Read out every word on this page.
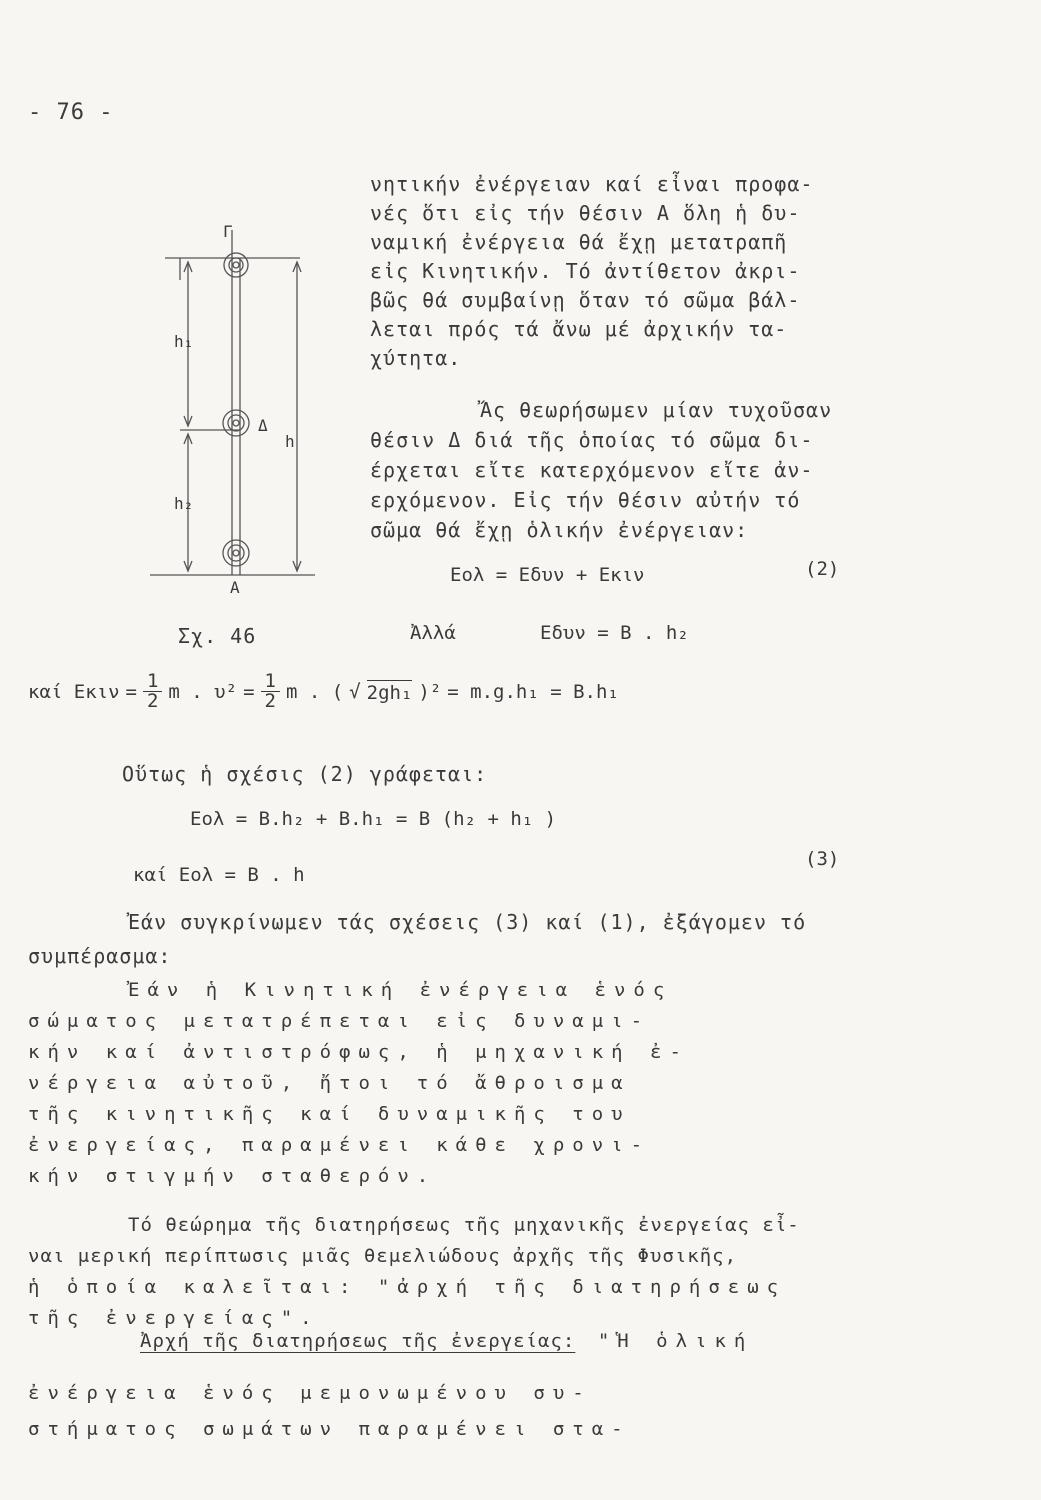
- 76 -
Γ
Δ
A
h₁
h₂
h
Σχ. 46
νητικήν ἐνέργειαν καί εἶναι προφα-
νές ὅτι εἰς τήν θέσιν A ὅλη ἡ δυ-
ναμική ἐνέργεια θά ἔχῃ μετατραπῆ
εἰς Κινητικήν. Τό ἀντίθετον ἀκρι-
βῶς θά συμβαίνῃ ὅταν τό σῶμα βάλ-
λεται πρός τά ἄνω μέ ἀρχικήν τα-
χύτητα.
Ἄς θεωρήσωμεν μίαν τυχοῦσαν
θέσιν Δ διά τῆς ὁποίας τό σῶμα δι-
έρχεται εἴτε κατερχόμενον εἴτε ἀν-
ερχόμενον. Εἰς τήν θέσιν αὐτήν τό
σῶμα θά ἔχῃ ὁλικήν ἐνέργειαν:
Eολ = Eδυν + Eκιν	(2)
Ἀλλά	Eδυν = B . h₂
καί $E\kappa\iota\nu = \frac{1}{2}$ m . $\upsilon^2 = \frac{1}{2}$ m . ( √ 2gh₁ )² = m.g.h₁ = B.h₁
Οὕτως ἡ σχέσις (2) γράφεται:
Eολ = B.h₂ + B.h₁ = B (h₂ + h₁ )
καί Eολ = B . h
(3)
Ἐάν συγκρίνωμεν τάς σχέσεις (3) καί (1), ἐξάγομεν τό
συμπέρασμα:
Ἐάν ἡ Κινητική ἐνέργεια ἑνός
σώματος μετατρέπεται εἰς δυναμι-
κήν καί ἀντιστρόφως, ἡ μηχανική ἐ-
νέργεια αὐτοῦ, ἤτοι τό ἄθροισμα
τῆς κινητικῆς καί δυναμικῆς του
ἐνεργείας, παραμένει κάθε χρονι-
κήν στιγμήν σταθερόν.
Τό θεώρημα τῆς διατηρήσεως τῆς μηχανικῆς ἐνεργείας εἶ-
ναι μερική περίπτωσις μιᾶς θεμελιώδους ἀρχῆς τῆς Φυσικῆς,
ἡ ὁποία καλεῖται: "ἀρχή τῆς διατηρήσεως
τῆς ἐνεργείας".
Ἀρχή τῆς διατηρήσεως τῆς ἐνεργείας: "Ἡ ὁλική
ἐνέργεια ἑνός μεμονωμένου συ-
στήματος σωμάτων παραμένει στα-
